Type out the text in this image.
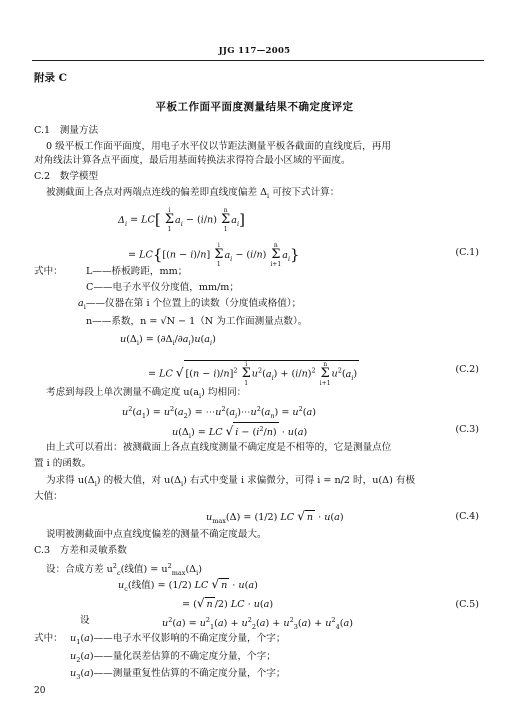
JJG 117—2005
附录 C
平板工作面平面度测量结果不确定度评定
C.1　测量方法
0 级平板工作面平面度，用电子水平仪以节距法测量平板各截面的直线度后，再用
对角线法计算各点平面度，最后用基面转换法求得符合最小区域的平面度。
C.2　数学模型
被测截面上各点对两端点连线的偏差即直线度偏差 $\Delta_i$ 可按下式计算：
$\Delta_i = LC$[	i
Σ
1
$a_i - (i/n)$
n
Σ
1
$a_i$]
= LC{[(n − i)/n]
i
Σ
1
$a_i - (i/n)$
n
Σ
i+1
$a_i$}	(C.1)
式中： L——桥板跨距，mm；
C——电子水平仪分度值，mm/m；
$a_i——$仪器在第 i 个位置上的读数（分度值或格值）；
n——系数，n = √N − 1（N 为工作面测量点数）。
$u(\Delta_i) = (\partial\Delta_i/\partial a_i)u(a_i)$
= LC √ $[(n - i)/n]^2$
i
Σ
1
$u^2(a_i) + (i/n)^2$
n
Σ
i+1
$u^2(a_i)$	(C.2)
考虑到每段上单次测量不确定度 $u(a_i)$ 均相同：
$u^2(a_1) = u^2(a_2)$ = $\cdots u^2(a_i)\cdots u^2(a_n) = u^2(a)$
$u(\Delta_i)$ = LC √ $i - (i^2/n) \cdot u(a)$	(C.3)
由上式可以看出：被测截面上各点直线度测量不确定度是不相等的，它是测量点位
置 i 的函数。
为求得 $u(\Delta_i)$ 的极大值，对 $u(\Delta_i)$ 右式中变量 i 求偏微分，可得 i = n/2 时，u(Δ) 有极
大值：
$u_{max}(\Delta) = (1/2)$ LC √ n · u(a)	(C.4)
说明被测截面中点直线度偏差的测量不确定度最大。
C.3　方差和灵敏系数
设：合成方差 $u^2_c$(线值) = $u^2_{max}(\Delta_i)$
$u_c$(线值) = (1/2) LC √ n · u(a)
= (√ n /2) LC · u(a)	(C.5)
设	$u^2(a) = u^2_1(a) + u^2_2(a) + u^2_3(a) + u^2_4(a)$
式中： $u_1(a)——$电子水平仪影响的不确定度分量，个字；
$u_2(a)——$量化误差估算的不确定度分量，个字；
$u_3(a)——$测量重复性估算的不确定度分量，个字；
20
